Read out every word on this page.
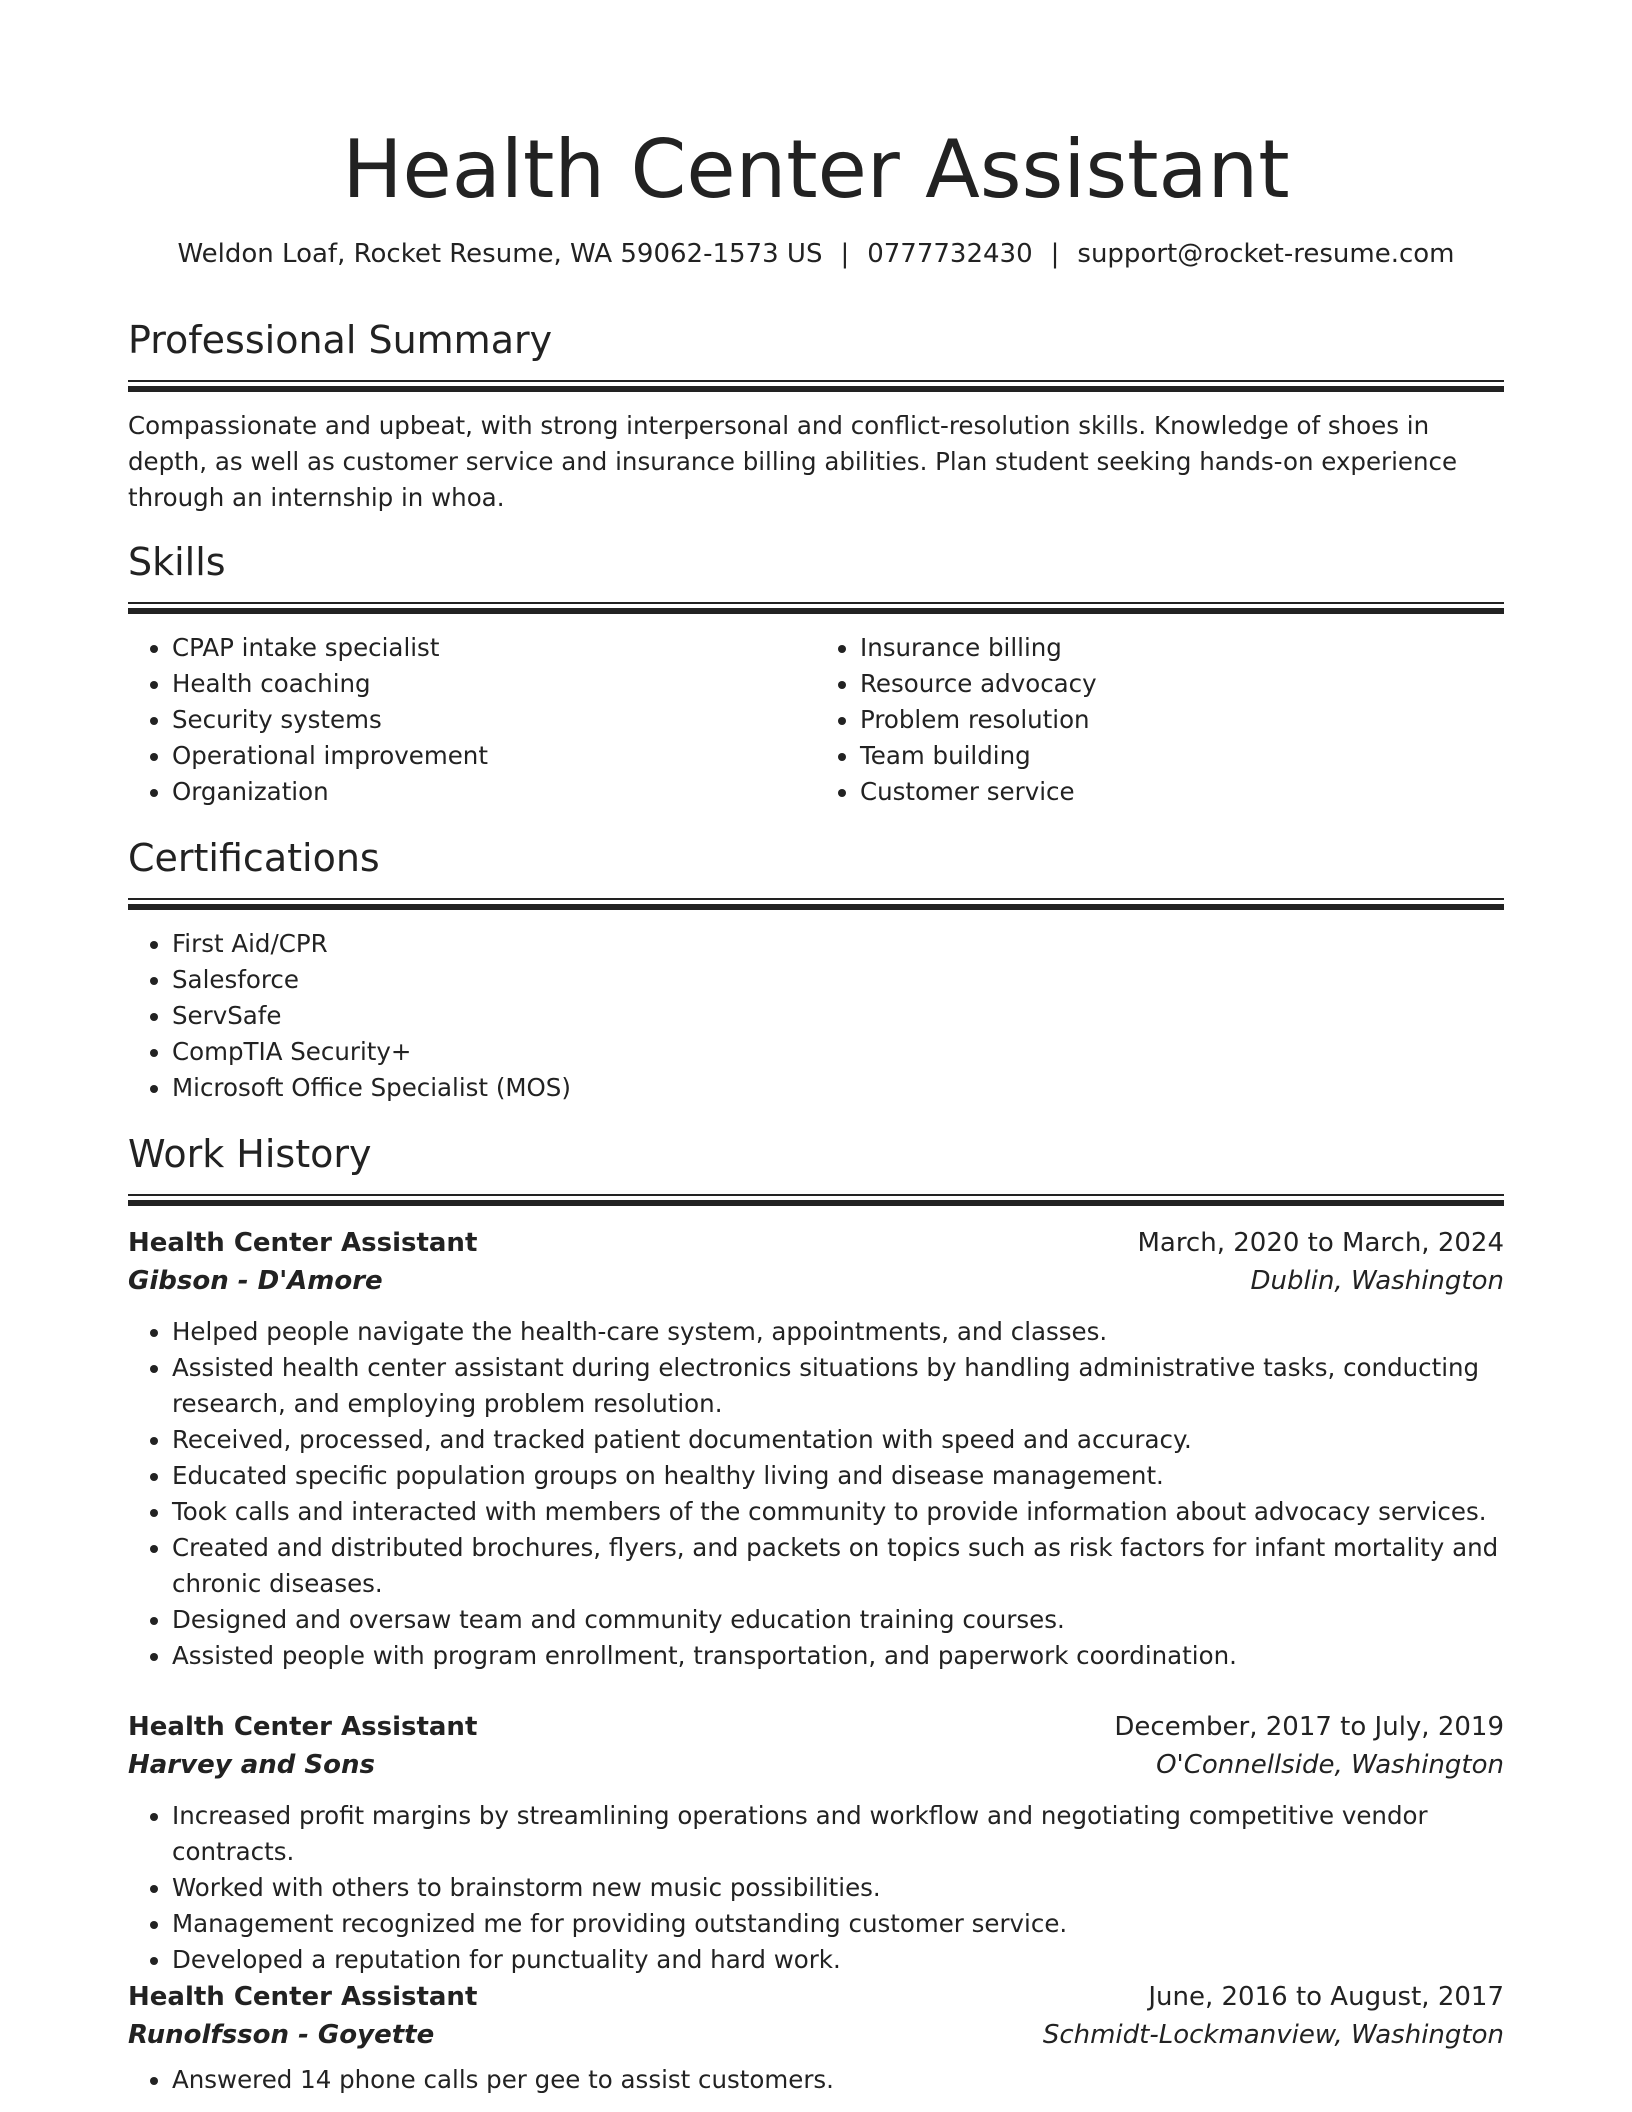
Health Center Assistant
Weldon Loaf, Rocket Resume, WA 59062-1573 US | 0777732430 | support@rocket-resume.com
Professional Summary

Compassionate and upbeat, with strong interpersonal and conflict-resolution skills. Knowledge of shoes in depth, as well as customer service and insurance billing abilities. Plan student seeking hands-on experience through an internship in whoa.

Skills
• CPAP intake specialist
• Health coaching
• Security systems
• Operational improvement
• Organization
• Insurance billing
• Resource advocacy
• Problem resolution
• Team building
• Customer service
Certifications
• First Aid/CPR
• Salesforce
• ServSafe
• CompTIA Security+
• Microsoft Office Specialist (MOS)
Work History
Health Center Assistant	March, 2020 to March, 2024
Gibson - D'Amore	Dublin, Washington
• Helped people navigate the health-care system, appointments, and classes.
• Assisted health center assistant during electronics situations by handling administrative tasks, conducting research, and employing problem resolution.
• Received, processed, and tracked patient documentation with speed and accuracy.
• Educated specific population groups on healthy living and disease management.
• Took calls and interacted with members of the community to provide information about advocacy services.
• Created and distributed brochures, flyers, and packets on topics such as risk factors for infant mortality and chronic diseases.
• Designed and oversaw team and community education training courses.
• Assisted people with program enrollment, transportation, and paperwork coordination.
Health Center Assistant	December, 2017 to July, 2019
Harvey and Sons	O'Connellside, Washington
• Increased profit margins by streamlining operations and workflow and negotiating competitive vendor contracts.
• Worked with others to brainstorm new music possibilities.
• Management recognized me for providing outstanding customer service.
• Developed a reputation for punctuality and hard work.
Health Center Assistant	June, 2016 to August, 2017
Runolfsson - Goyette	Schmidt-Lockmanview, Washington
• Answered 14 phone calls per gee to assist customers.
